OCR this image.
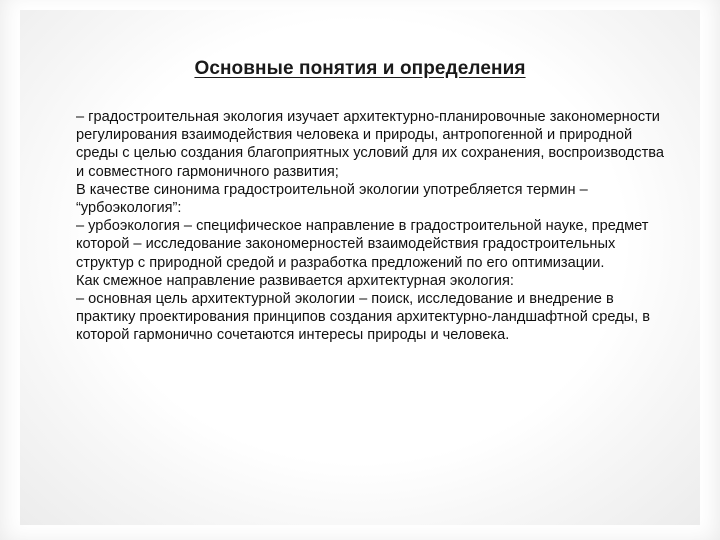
Основные понятия и определения

– градостроительная экология изучает архитектурно-планировочные закономерности регулирования взаимодействия человека и природы, антропогенной и природной среды с целью создания благоприятных условий для их сохранения, воспроизводства и совместного гармоничного развития;

В качестве синонима градостроительной экологии употребляется термин – “урбоэкология”:

– урбоэкология – специфическое направление в градостроительной науке, предмет которой – исследование закономерностей взаимодействия градостроительных структур с природной средой и разработка предложений по его оптимизации.

Как смежное направление развивается архитектурная экология:

– основная цель архитектурной экологии – поиск, исследование и внедрение в практику проектирования принципов создания архитектурно-ландшафтной среды, в которой гармонично сочетаются интересы природы и человека.
